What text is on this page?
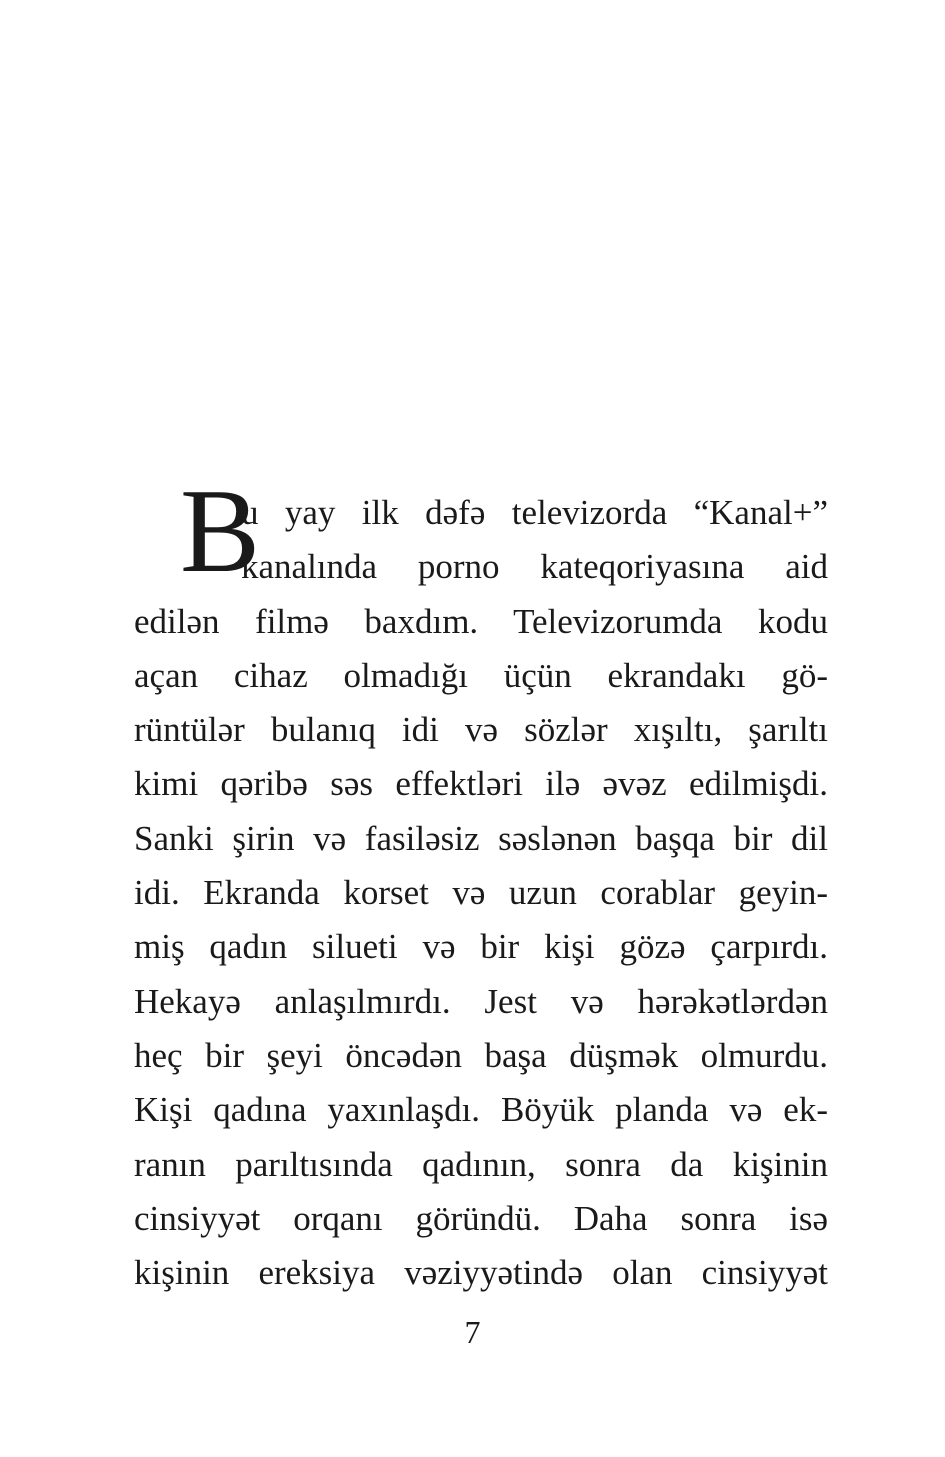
B
u yay ilk dəfə televizorda “Kanal+”
kanalında porno kateqoriyasına aid
edilən filmə baxdım. Televizorumda kodu
açan cihaz olmadığı üçün ekrandakı gö-
rüntülər bulanıq idi və sözlər xışıltı, şarıltı
kimi qəribə səs effektləri ilə əvəz edilmişdi.
Sanki şirin və fasiləsiz səslənən başqa bir dil
idi. Ekranda korset və uzun corablar geyin-
miş qadın silueti və bir kişi gözə çarpırdı.
Hekayə anlaşılmırdı. Jest və hərəkətlərdən
heç bir şeyi öncədən başa düşmək olmurdu.
Kişi qadına yaxınlaşdı. Böyük planda və ek-
ranın parıltısında qadının, sonra da kişinin
cinsiyyət orqanı göründü. Daha sonra isə
kişinin ereksiya vəziyyətində olan cinsiyyət
7
